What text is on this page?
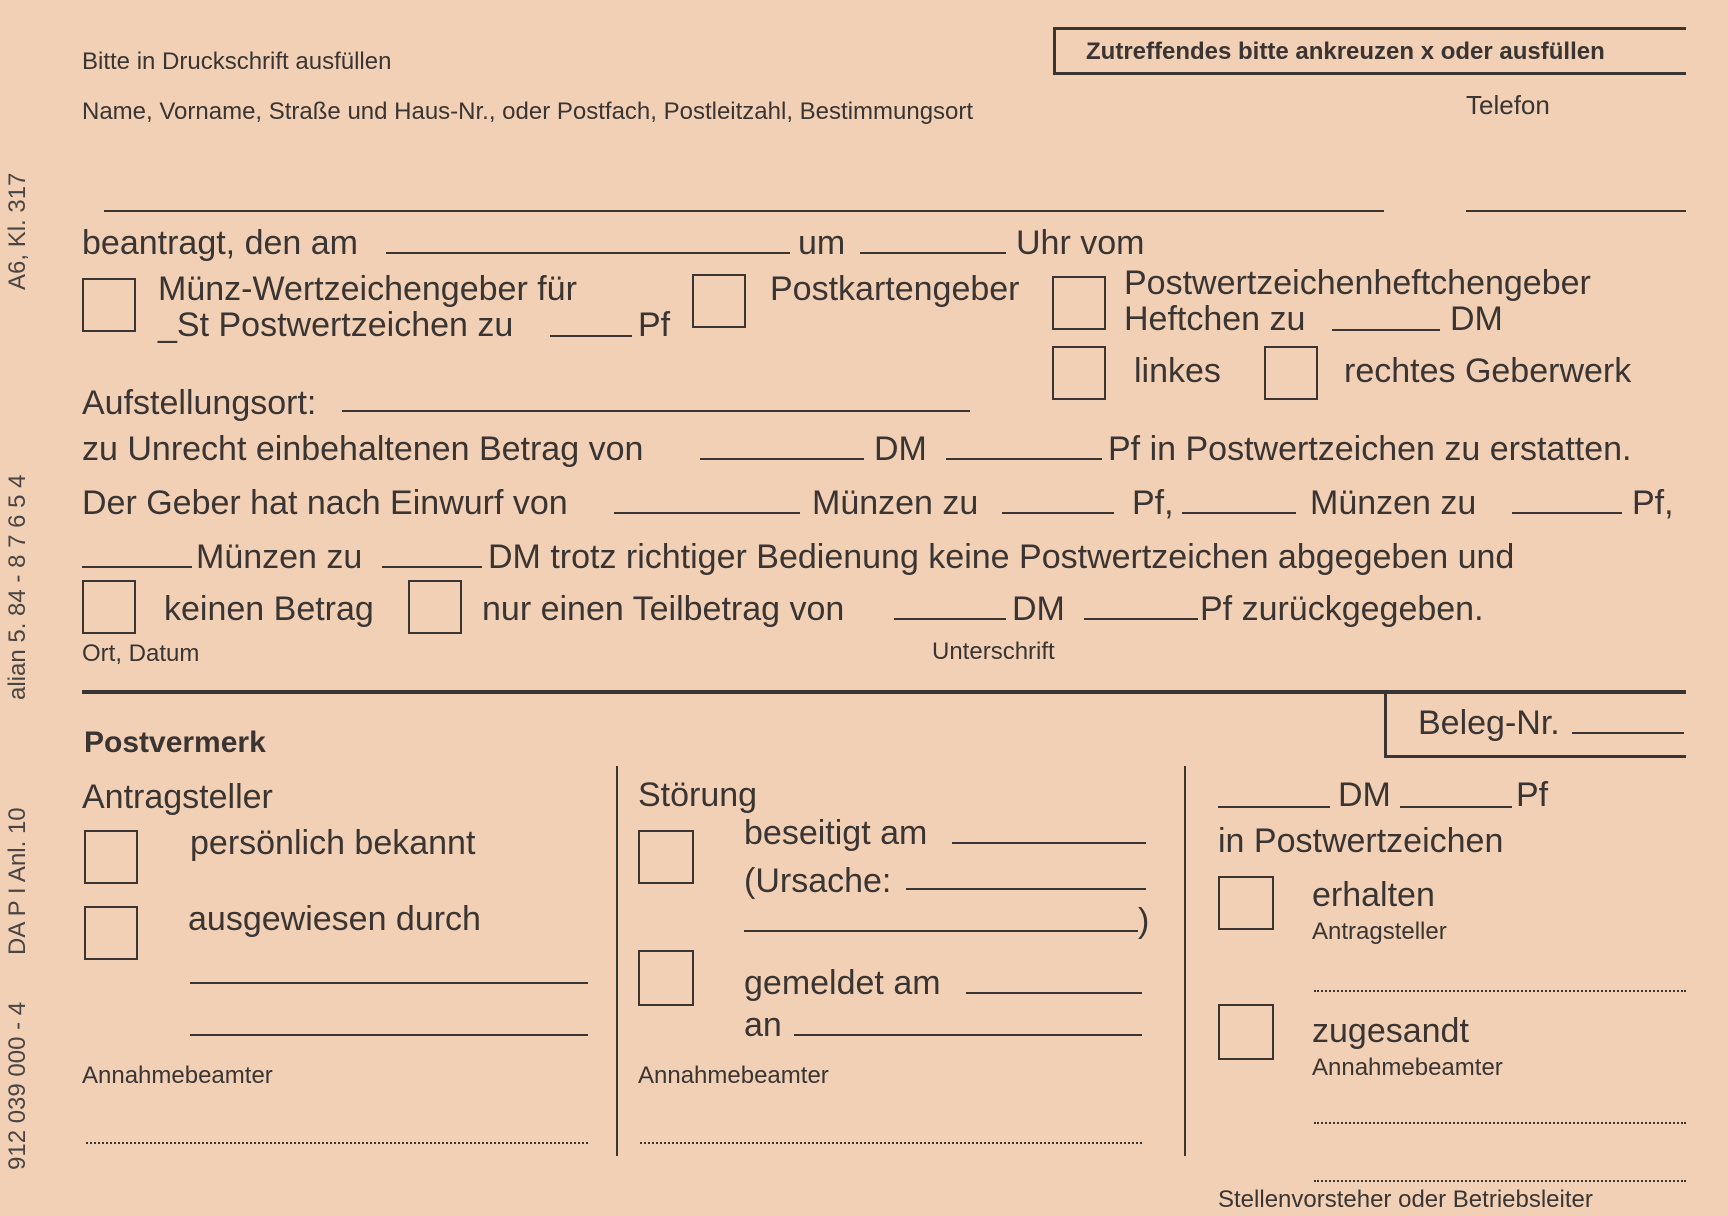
912 039 000 - 4
DA P I Anl. 10
alian 5. 84 - 8 7 6 5 4
A6, Kl. 317
Bitte in Druckschrift ausfüllen
Name, Vorname, Straße und Haus-Nr., oder Postfach, Postleitzahl, Bestimmungsort
Zutreffendes bitte ankreuzen x oder ausfüllen
Telefon
beantragt, den am	um	Uhr vom
Münz-Wertzeichengeber für
_St Postwertzeichen zu	Pf
Postkartengeber	Postwertzeichenheftchengeber
Heftchen zu	DM
linkes	rechtes Geberwerk
Aufstellungsort:
zu Unrecht einbehaltenen Betrag von	DM	Pf in Postwertzeichen zu erstatten.
Der Geber hat nach Einwurf von	Münzen zu	Pf,	Münzen zu	Pf,
Münzen zu	DM trotz richtiger Bedienung keine Postwertzeichen abgegeben und
keinen Betrag	nur einen Teilbetrag von	DM	Pf zurückgegeben.
Ort, Datum	Unterschrift
Beleg-Nr.
Postvermerk
Antragsteller
persönlich bekannt
ausgewiesen durch
Annahmebeamter
Störung
beseitigt am
(Ursache:
)
gemeldet am
an
Annahmebeamter
DM	Pf
in Postwertzeichen
erhalten
Antragsteller
zugesandt
Annahmebeamter
Stellenvorsteher oder Betriebsleiter
